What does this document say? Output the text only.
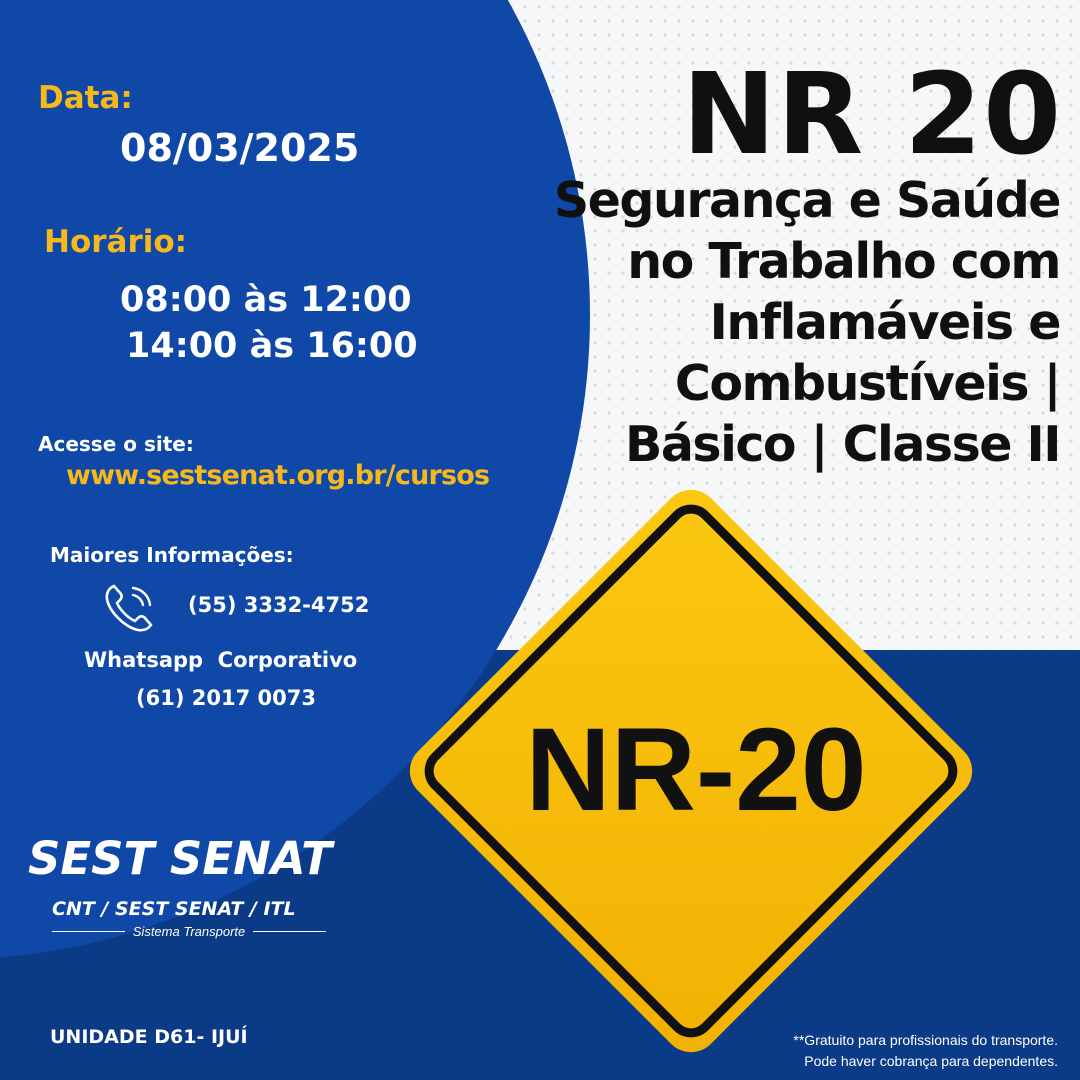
Data:

08/03/2025

Horário:

08:00 às 12:00

14:00 às 16:00

Acesse o site:

www.sestsenat.org.br/cursos

Maiores Informações:

(55) 3332-4752

Whatsapp  Corporativo

(61) 2017 0073

NR 20

Segurança e Saúde
no Trabalho com
Inflamáveis e
Combustíveis |
Básico | Classe II
NR-20

SEST SENAT

CNT / SEST SENAT / ITL

Sistema Transporte

UNIDADE D61- IJUÍ	**Gratuito para profissionais do transporte.
Pode haver cobrança para dependentes.
